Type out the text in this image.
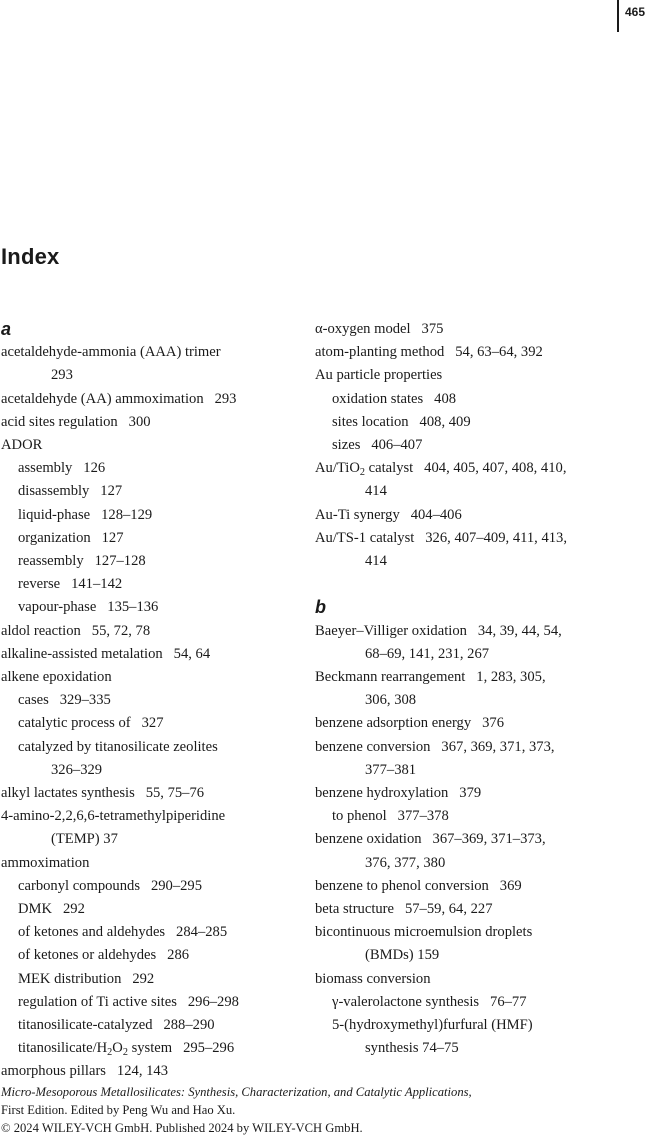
465
Index
a
acetaldehyde-ammonia (AAA) trimer
293
acetaldehyde (AA) ammoximation 293
acid sites regulation 300
ADOR
assembly 126
disassembly 127
liquid-phase 128–129
organization 127
reassembly 127–128
reverse 141–142
vapour-phase 135–136
aldol reaction 55, 72, 78
alkaline-assisted metalation 54, 64
alkene epoxidation
cases 329–335
catalytic process of 327
catalyzed by titanosilicate zeolites
326–329
alkyl lactates synthesis 55, 75–76
4-amino-2,2,6,6-tetramethylpiperidine
(TEMP) 37
ammoximation
carbonyl compounds 290–295
DMK 292
of ketones and aldehydes 284–285
of ketones or aldehydes 286
MEK distribution 292
regulation of Ti active sites 296–298
titanosilicate-catalyzed 288–290
titanosilicate/$H_2O_2$ system 295–296
amorphous pillars 124, 143
α-oxygen model 375
atom-planting method 54, 63–64, 392
Au particle properties
oxidation states 408
sites location 408, 409
sizes 406–407
Au/TiO$_2$ catalyst 404, 405, 407, 408, 410,
414
Au-Ti synergy 404–406
Au/TS-1 catalyst 326, 407–409, 411, 413,
414
b
Baeyer–Villiger oxidation 34, 39, 44, 54,
68–69, 141, 231, 267
Beckmann rearrangement 1, 283, 305,
306, 308
benzene adsorption energy 376
benzene conversion 367, 369, 371, 373,
377–381
benzene hydroxylation 379
to phenol 377–378
benzene oxidation 367–369, 371–373,
376, 377, 380
benzene to phenol conversion 369
beta structure 57–59, 64, 227
bicontinuous microemulsion droplets
(BMDs) 159
biomass conversion
γ-valerolactone synthesis 76–77
5-(hydroxymethyl)furfural (HMF)
synthesis 74–75
Micro-Mesoporous Metallosilicates: Synthesis, Characterization, and Catalytic Applications,
First Edition. Edited by Peng Wu and Hao Xu.
© 2024 WILEY-VCH GmbH. Published 2024 by WILEY-VCH GmbH.
